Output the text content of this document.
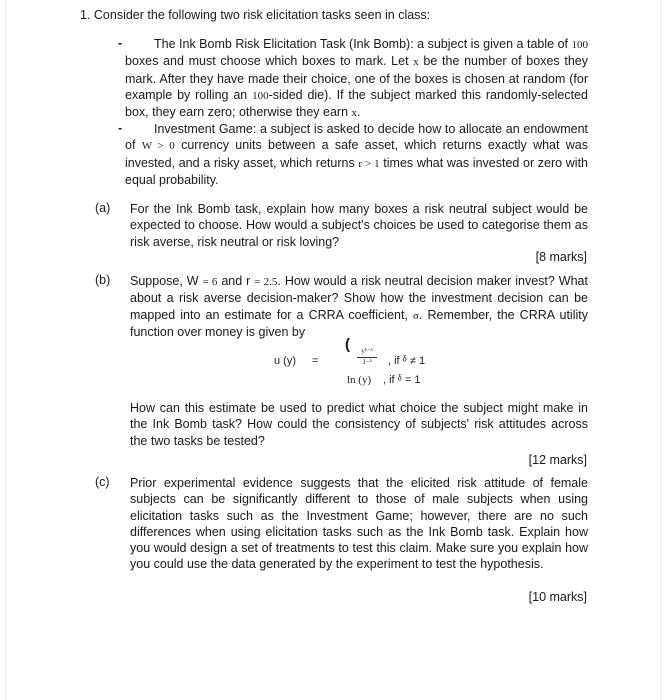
1. Consider the following two risk elicitation tasks seen in class:
-	The Ink Bomb Risk Elicitation Task (Ink Bomb): a subject is given a table of 100 boxes and must choose which boxes to mark. Let x be the number of boxes they mark. After they have made their choice, one of the boxes is chosen at random (for example by rolling an 100-sided die). If the subject marked this randomly-selected box, they earn zero; otherwise they earn x.

-	Investment Game: a subject is asked to decide how to allocate an endowment of W > 0 currency units between a safe asset, which returns exactly what was invested, and a risky asset, which returns r > 1 times what was invested or zero with equal probability.

(a) For the Ink Bomb task, explain how many boxes a risk neutral subject would be expected to choose. How would a subject's choices be used to categorise them as risk averse, risk neutral or risk loving?

[8 marks]
(b) Suppose, W = 6 and r = 2.5. How would a risk neutral decision maker invest? What about a risk averse decision-maker? Show how the investment decision can be mapped into an estimate for a CRRA coefficient, σ. Remember, the CRRA utility function over money is given by

u (y) =
(	y¹⁻ᵟ
1−ᵟ	, if ᵟ ≠ 1
ln (y) , if ᵟ = 1

How can this estimate be used to predict what choice the subject might make in the Ink Bomb task? How could the consistency of subjects' risk attitudes across the two tasks be tested?

[12 marks]
(c) Prior experimental evidence suggests that the elicited risk attitude of female subjects can be significantly different to those of male subjects when using elicitation tasks such as the Investment Game; however, there are no such differences when using elicitation tasks such as the Ink Bomb task. Explain how you would design a set of treatments to test this claim. Make sure you explain how you could use the data generated by the experiment to test the hypothesis.

[10 marks]
